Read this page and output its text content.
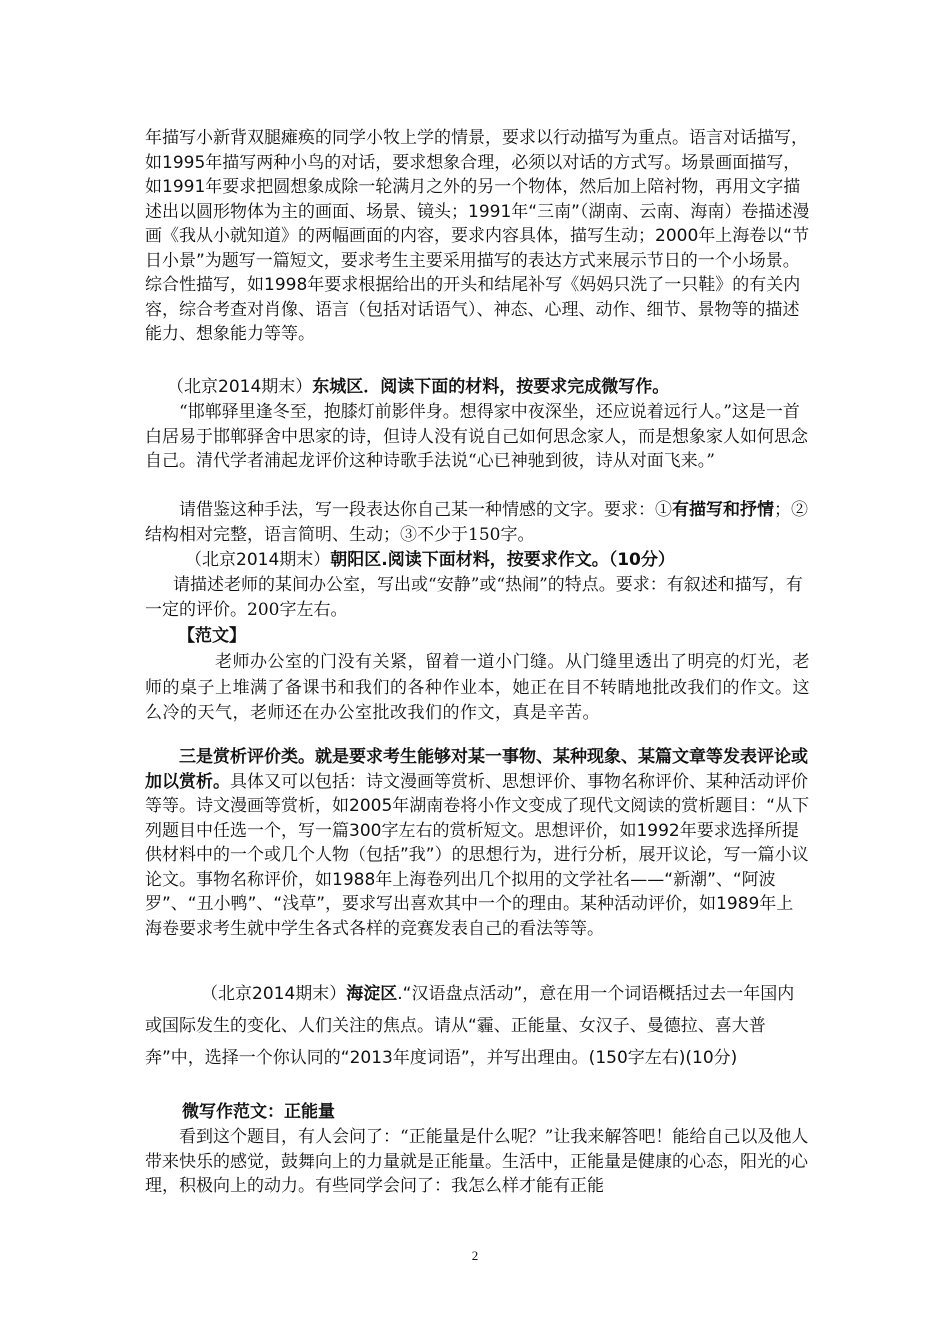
年描写小新背双腿瘫痪的同学小牧上学的情景，要求以行动描写为重点。语言对话描写，如1995年描写两种小鸟的对话，要求想象合理，必须以对话的方式写。场景画面描写，如1991年要求把圆想象成除一轮满月之外的另一个物体，然后加上陪衬物，再用文字描述出以圆形物体为主的画面、场景、镜头；1991年“三南”（湖南、云南、海南）卷描述漫画《我从小就知道》的两幅画面的内容，要求内容具体，描写生动；2000年上海卷以“节日小景”为题写一篇短文，要求考生主要采用描写的表达方式来展示节日的一个小场景。综合性描写，如1998年要求根据给出的开头和结尾补写《妈妈只洗了一只鞋》的有关内容，综合考查对肖像、语言（包括对话语气）、神态、心理、动作、细节、景物等的描述能力、想象能力等等。

（北京2014期末）东城区．阅读下面的材料，按要求完成微写作。

“邯郸驿里逢冬至，抱膝灯前影伴身。想得家中夜深坐，还应说着远行人。”这是一首白居易于邯郸驿舍中思家的诗，但诗人没有说自己如何思念家人，而是想象家人如何思念自己。清代学者浦起龙评价这种诗歌手法说“心已神驰到彼，诗从对面飞来。”

请借鉴这种手法，写一段表达你自己某一种情感的文字。要求：①有描写和抒情；②结构相对完整，语言简明、生动；③不少于150字。

（北京2014期末）朝阳区.阅读下面材料，按要求作文。（10分）

请描述老师的某间办公室，写出或“安静”或“热闹”的特点。要求：有叙述和描写，有一定的评价。200字左右。

【范文】

老师办公室的门没有关紧，留着一道小门缝。从门缝里透出了明亮的灯光，老师的桌子上堆满了备课书和我们的各种作业本，她正在目不转睛地批改我们的作文。这么冷的天气，老师还在办公室批改我们的作文，真是辛苦。

三是赏析评价类。就是要求考生能够对某一事物、某种现象、某篇文章等发表评论或加以赏析。具体又可以包括：诗文漫画等赏析、思想评价、事物名称评价、某种活动评价等等。诗文漫画等赏析，如2005年湖南卷将小作文变成了现代文阅读的赏析题目：“从下列题目中任选一个，写一篇300字左右的赏析短文。思想评价，如1992年要求选择所提供材料中的一个或几个人物（包括”我”）的思想行为，进行分析，展开议论，写一篇小议论文。事物名称评价，如1988年上海卷列出几个拟用的文学社名——“新潮”、“阿波罗”、“丑小鸭”、“浅草”，要求写出喜欢其中一个的理由。某种活动评价，如1989年上海卷要求考生就中学生各式各样的竞赛发表自己的看法等等。

（北京2014期末）海淀区.“汉语盘点活动”，意在用一个词语概括过去一年国内或国际发生的变化、人们关注的焦点。请从“霾、正能量、女汉子、曼德拉、喜大普奔”中，选择一个你认同的“2013年度词语”，并写出理由。(150字左右)(10分)

微写作范文：正能量

看到这个题目，有人会问了：“正能量是什么呢？”让我来解答吧！能给自己以及他人带来快乐的感觉，鼓舞向上的力量就是正能量。生活中，正能量是健康的心态，阳光的心理，积极向上的动力。有些同学会问了：我怎么样才能有正能

2
